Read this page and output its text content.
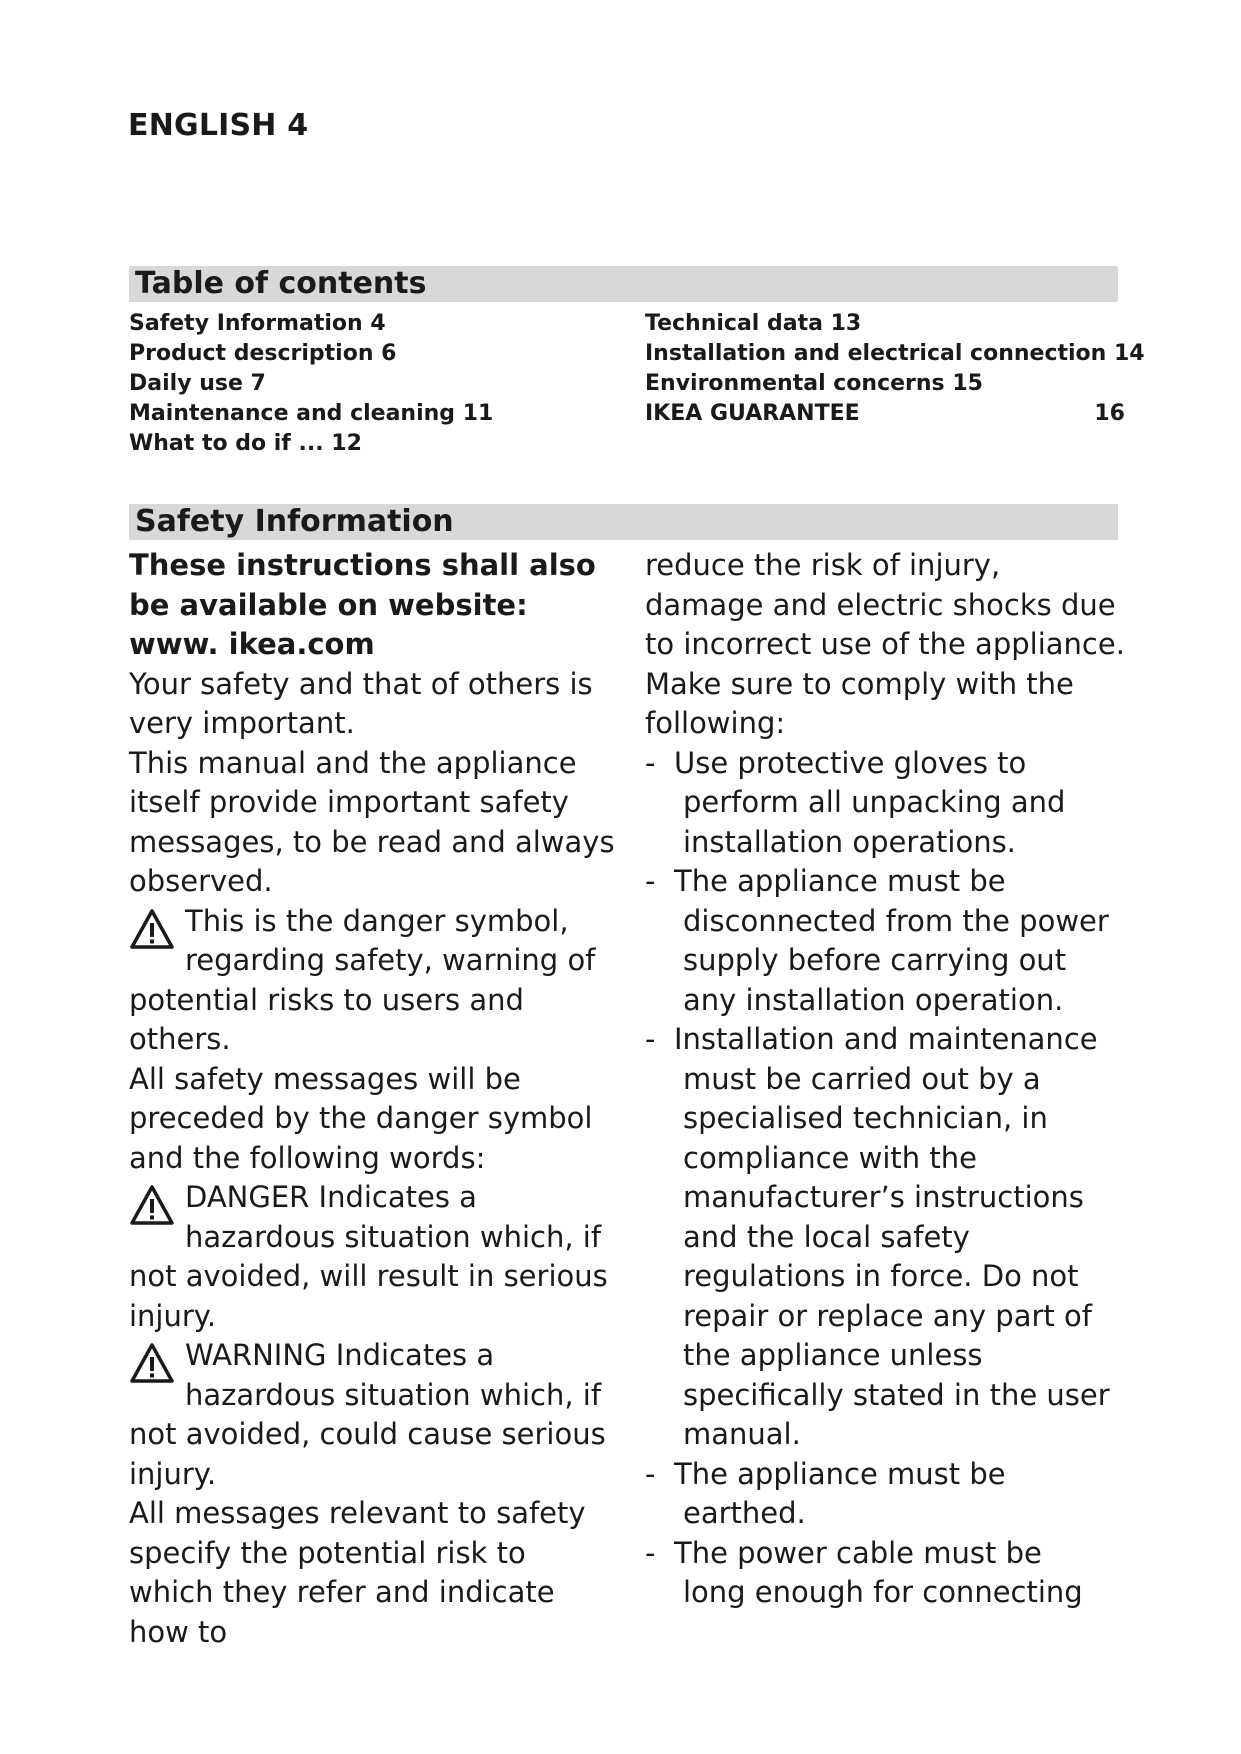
ENGLISH 4
Table of contents
Safety Information 4
Product description 6
Daily use 7
Maintenance and cleaning 11
What to do if ... 12
Technical data 13
Installation and electrical connection 14
Environmental concerns 15
IKEA GUARANTEE	16
Safety Information

These instructions shall also be available on website: www. ikea.com

Your safety and that of others is very important.

This manual and the appliance itself provide important safety messages, to be read and always observed.

This is the danger symbol,
regarding safety, warning of
potential risks to users and others.

All safety messages will be preceded by the danger symbol and the following words:

DANGER Indicates a
hazardous situation which, if
not avoided, will result in serious injury.
WARNING Indicates a
hazardous situation which, if
not avoided, could cause serious injury.

All messages relevant to safety specify the potential risk to which they refer and indicate how to

reduce the risk of injury, damage and electric shocks due to incorrect use of the appliance.

Make sure to comply with the following:

- Use protective gloves to
perform all unpacking and installation operations.
- The appliance must be
disconnected from the power supply before carrying out any installation operation.
- Installation and maintenance
must be carried out by a specialised technician, in compliance with the manufacturer’s instructions and the local safety regulations in force. Do not repair or replace any part of the appliance unless specifically stated in the user manual.
- The appliance must be
earthed.
- The power cable must be
long enough for connecting
